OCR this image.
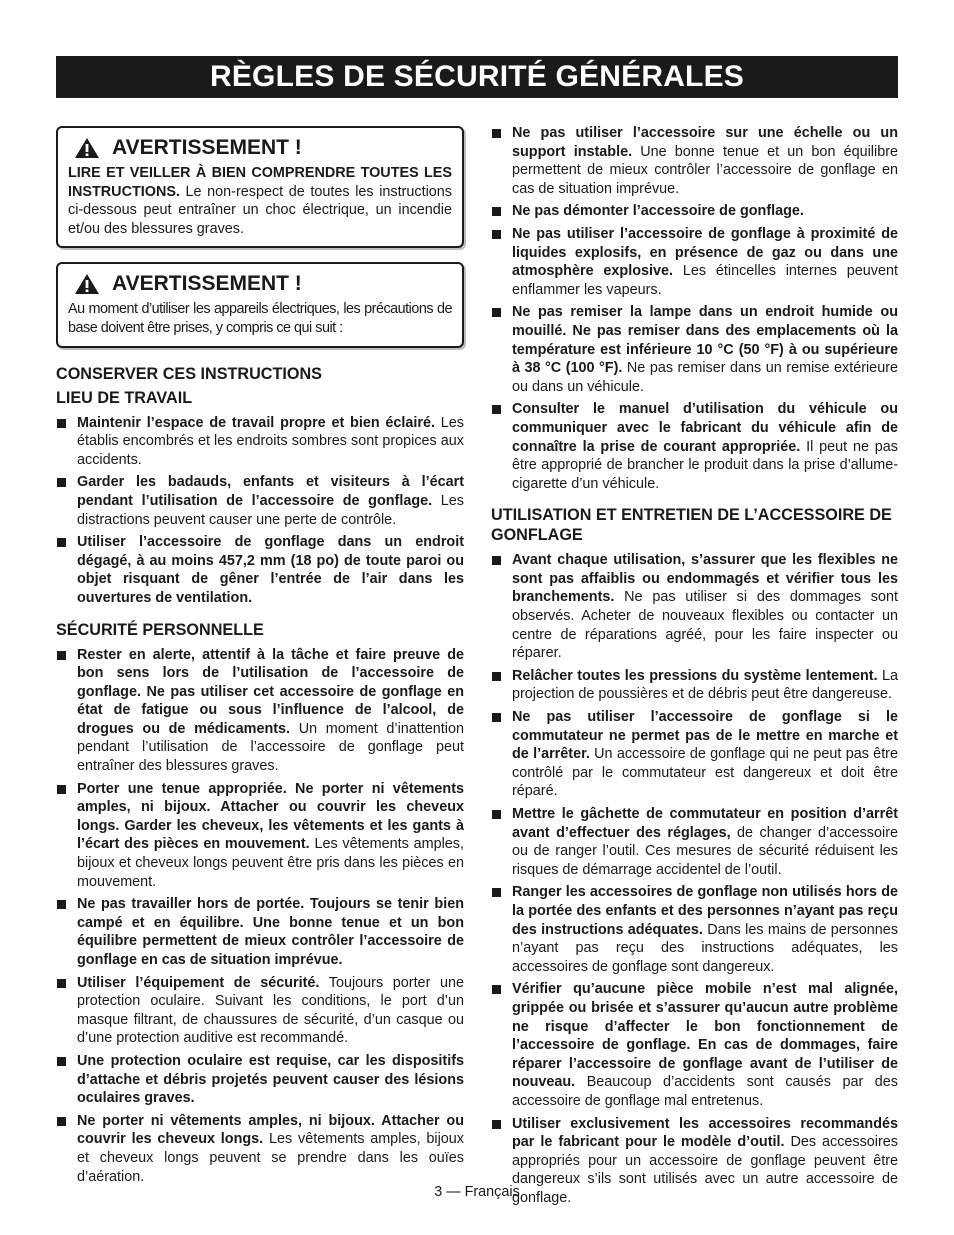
RÈGLES DE SÉCURITÉ GÉNÉRALES
AVERTISSEMENT !

LIRE ET VEILLER À BIEN COMPRENDRE TOUTES LES INSTRUCTIONS. Le non-respect de toutes les instructions ci-dessous peut entraîner un choc électrique, un incendie et/ou des blessures graves.

AVERTISSEMENT !

Au moment d’utiliser les appareils électriques, les précautions de base doivent être prises, y compris ce qui suit :

CONSERVER CES INSTRUCTIONS
LIEU DE TRAVAIL
Maintenir l’espace de travail propre et bien éclairé. Les établis encombrés et les endroits sombres sont propices aux accidents.
Garder les badauds, enfants et visiteurs à l’écart pendant l’utilisation de l’accessoire de gonflage. Les distractions peuvent causer une perte de contrôle.
Utiliser l’accessoire de gonflage dans un endroit dégagé, à au moins 457,2 mm (18 po) de toute paroi ou objet risquant de gêner l’entrée de l’air dans les ouvertures de ventilation.
SÉCURITÉ PERSONNELLE
Rester en alerte, attentif à la tâche et faire preuve de bon sens lors de l’utilisation de l’accessoire de gonflage. Ne pas utiliser cet accessoire de gonflage en état de fatigue ou sous l’influence de l’alcool, de drogues ou de médicaments. Un moment d’inattention pendant l’utilisation de l’accessoire de gonflage peut entraîner des blessures graves.
Porter une tenue appropriée. Ne porter ni vêtements amples, ni bijoux. Attacher ou couvrir les cheveux longs. Garder les cheveux, les vêtements et les gants à l’écart des pièces en mouvement. Les vêtements amples, bijoux et cheveux longs peuvent être pris dans les pièces en mouvement.
Ne pas travailler hors de portée. Toujours se tenir bien campé et en équilibre. Une bonne tenue et un bon équilibre permettent de mieux contrôler l’accessoire de gonflage en cas de situation imprévue.
Utiliser l’équipement de sécurité. Toujours porter une protection oculaire. Suivant les conditions, le port d’un masque filtrant, de chaussures de sécurité, d’un casque ou d’une protection auditive est recommandé.
Une protection oculaire est requise, car les dispositifs d’attache et débris projetés peuvent causer des lésions oculaires graves.
Ne porter ni vêtements amples, ni bijoux. Attacher ou couvrir les cheveux longs. Les vêtements amples, bijoux et cheveux longs peuvent se prendre dans les ouïes d’aération.
Ne pas utiliser l’accessoire sur une échelle ou un support instable. Une bonne tenue et un bon équilibre permettent de mieux contrôler l’accessoire de gonflage en cas de situation imprévue.
Ne pas démonter l’accessoire de gonflage.
Ne pas utiliser l’accessoire de gonflage à proximité de liquides explosifs, en présence de gaz ou dans une atmosphère explosive. Les étincelles internes peuvent enflammer les vapeurs.
Ne pas remiser la lampe dans un endroit humide ou mouillé. Ne pas remiser dans des emplacements où la température est inférieure 10 °C (50 °F) à ou supérieure à 38 °C (100 °F). Ne pas remiser dans un remise extérieure ou dans un véhicule.
Consulter le manuel d’utilisation du véhicule ou communiquer avec le fabricant du véhicule afin de connaître la prise de courant appropriée. Il peut ne pas être approprié de brancher le produit dans la prise d’allume-cigarette d’un véhicule.
UTILISATION ET ENTRETIEN DE L’ACCESSOIRE DE GONFLAGE
Avant chaque utilisation, s’assurer que les flexibles ne sont pas affaiblis ou endommagés et vérifier tous les branchements. Ne pas utiliser si des dommages sont observés. Acheter de nouveaux flexibles ou contacter un centre de réparations agréé, pour les faire inspecter ou réparer.
Relâcher toutes les pressions du système lentement. La projection de poussières et de débris peut être dangereuse.
Ne pas utiliser l’accessoire de gonflage si le commutateur ne permet pas de le mettre en marche et de l’arrêter. Un accessoire de gonflage qui ne peut pas être contrôlé par le commutateur est dangereux et doit être réparé.
Mettre le gâchette de commutateur en position d’arrêt avant d’effectuer des réglages, de changer d’accessoire ou de ranger l’outil. Ces mesures de sécurité réduisent les risques de démarrage accidentel de l’outil.
Ranger les accessoires de gonflage non utilisés hors de la portée des enfants et des personnes n’ayant pas reçu des instructions adéquates. Dans les mains de personnes n’ayant pas reçu des instructions adéquates, les accessoires de gonflage sont dangereux.
Vérifier qu’aucune pièce mobile n’est mal alignée, grippée ou brisée et s’assurer qu’aucun autre problème ne risque d’affecter le bon fonctionnement de l’accessoire de gonflage. En cas de dommages, faire réparer l’accessoire de gonflage avant de l’utiliser de nouveau. Beaucoup d’accidents sont causés par des accessoire de gonflage mal entretenus.
Utiliser exclusivement les accessoires recommandés par le fabricant pour le modèle d’outil. Des accessoires appropriés pour un accessoire de gonflage peuvent être dangereux s’ils sont utilisés avec un autre accessoire de gonflage.
3 — Français
